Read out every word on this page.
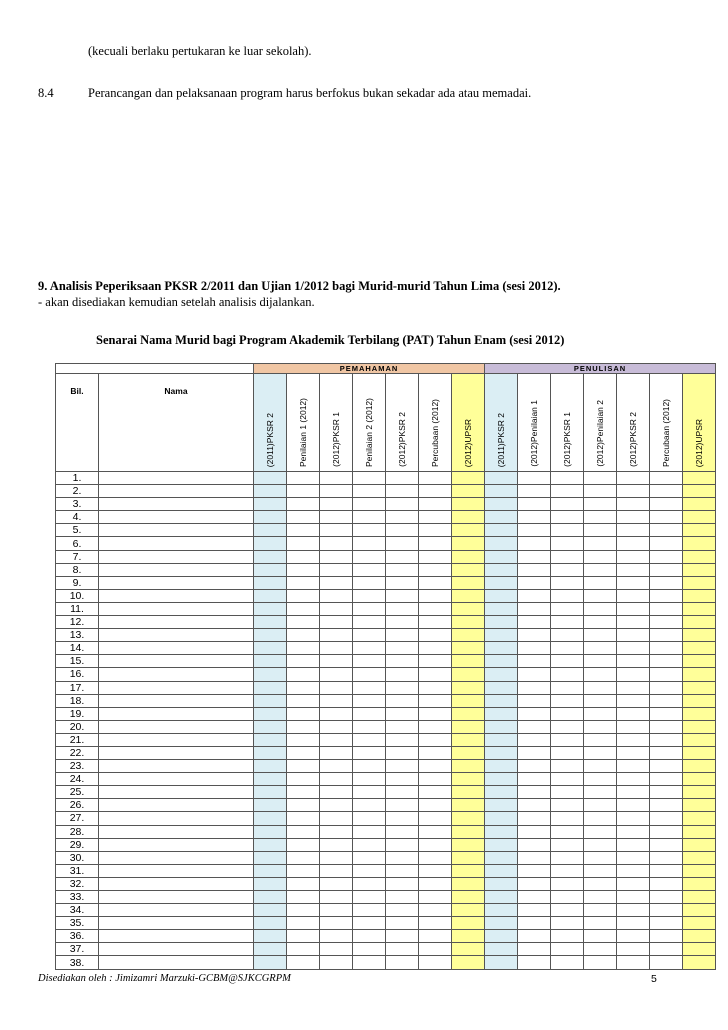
(kecuali berlaku pertukaran ke luar sekolah).
8.4	Perancangan dan pelaksanaan program harus berfokus bukan sekadar ada atau memadai.
9. Analisis Peperiksaan PKSR 2/2011 dan Ujian 1/2012 bagi Murid-murid Tahun Lima (sesi 2012).
- akan disediakan kemudian setelah analisis dijalankan.
Senarai Nama Murid bagi Program Akademik Terbilang (PAT) Tahun Enam (sesi 2012)
		PEMAHAMAN							PENULISAN						
Bil.	Nama	(2011)PKSR 2	Penilaian 1 (2012)	(2012)PKSR 1	Penilaian 2 (2012)	(2012)PKSR 2	Percubaan (2012)	(2012)UPSR	(2011)PKSR 2	(2012)Penilaian 1	(2012)PKSR 1	(2012)Penilaian 2	(2012)PKSR 2	Percubaan (2012)	(2012)UPSR

1.															
2.															
3.															
4.															
5.															
6.															
7.															
8.															
9.															
10.															
11.															
12.															
13.															
14.															
15.															
16.															
17.															
18.															
19.															
20.															
21.															
22.															
23.															
24.															
25.															
26.															
27.															
28.															
29.															
30.															
31.															
32.															
33.															
34.															
35.															
36.															
37.															
38.															
Disediakan oleh : Jimizamri Marzuki-GCBM@SJKCGRPM	5
